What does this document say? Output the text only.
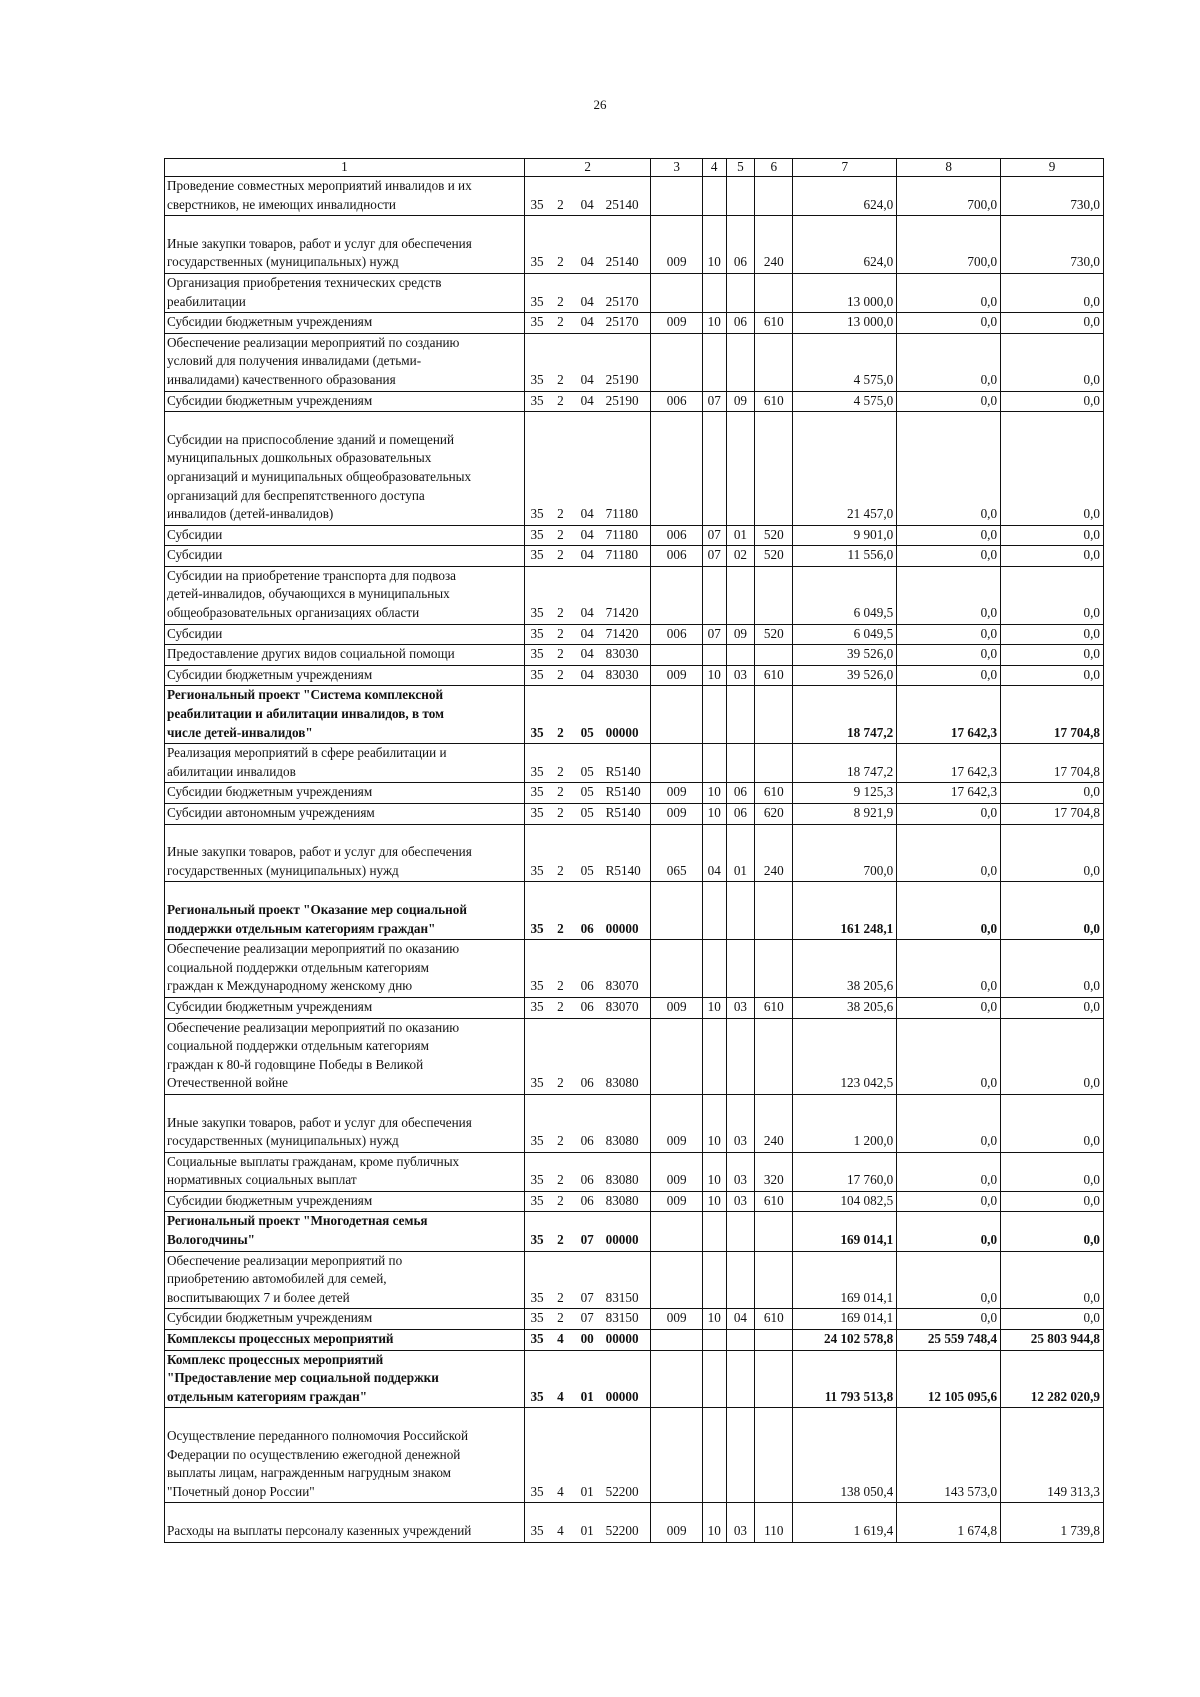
26
1	2				3	4	5	6	7	8	9

Проведение совместных мероприятий инвалидов и их
сверстников, не имеющих инвалидности	35	2	04	25140					624,0	700,0	730,0

Иные закупки товаров, работ и услуг для обеспечения
государственных (муниципальных) нужд	35	2	04	25140	009	10	06	240	624,0	700,0	730,0

Организация приобретения технических средств
реабилитации	35	2	04	25170					13 000,0	0,0	0,0

Субсидии бюджетным учреждениям	35	2	04	25170	009	10	06	610	13 000,0	0,0	0,0

Обеспечение реализации мероприятий по созданию
условий для получения инвалидами (детьми-
инвалидами) качественного образования	35	2	04	25190					4 575,0	0,0	0,0

Субсидии бюджетным учреждениям	35	2	04	25190	006	07	09	610	4 575,0	0,0	0,0

Субсидии на приспособление зданий и помещений
муниципальных дошкольных образовательных
организаций и муниципальных общеобразовательных
организаций для беспрепятственного доступа
инвалидов (детей-инвалидов)	35	2	04	71180					21 457,0	0,0	0,0

Субсидии	35	2	04	71180	006	07	01	520	9 901,0	0,0	0,0

Субсидии	35	2	04	71180	006	07	02	520	11 556,0	0,0	0,0

Субсидии на приобретение транспорта для подвоза
детей-инвалидов, обучающихся в муниципальных
общеобразовательных организациях области	35	2	04	71420					6 049,5	0,0	0,0

Субсидии	35	2	04	71420	006	07	09	520	6 049,5	0,0	0,0

Предоставление других видов социальной помощи	35	2	04	83030					39 526,0	0,0	0,0

Субсидии бюджетным учреждениям	35	2	04	83030	009	10	03	610	39 526,0	0,0	0,0

Региональный проект "Система комплексной
реабилитации и абилитации инвалидов, в том
числе детей-инвалидов"	35	2	05	00000					18 747,2	17 642,3	17 704,8

Реализация мероприятий в сфере реабилитации и
абилитации инвалидов	35	2	05	R5140					18 747,2	17 642,3	17 704,8

Субсидии бюджетным учреждениям	35	2	05	R5140	009	10	06	610	9 125,3	17 642,3	0,0

Субсидии автономным учреждениям	35	2	05	R5140	009	10	06	620	8 921,9	0,0	17 704,8

Иные закупки товаров, работ и услуг для обеспечения
государственных (муниципальных) нужд	35	2	05	R5140	065	04	01	240	700,0	0,0	0,0

Региональный проект "Оказание мер социальной
поддержки отдельным категориям граждан"	35	2	06	00000					161 248,1	0,0	0,0

Обеспечение реализации мероприятий по оказанию
социальной поддержки отдельным категориям
граждан к Международному женскому дню	35	2	06	83070					38 205,6	0,0	0,0

Субсидии бюджетным учреждениям	35	2	06	83070	009	10	03	610	38 205,6	0,0	0,0

Обеспечение реализации мероприятий по оказанию
социальной поддержки отдельным категориям
граждан к 80-й годовщине Победы в Великой
Отечественной войне	35	2	06	83080					123 042,5	0,0	0,0

Иные закупки товаров, работ и услуг для обеспечения
государственных (муниципальных) нужд	35	2	06	83080	009	10	03	240	1 200,0	0,0	0,0

Социальные выплаты гражданам, кроме публичных
нормативных социальных выплат	35	2	06	83080	009	10	03	320	17 760,0	0,0	0,0

Субсидии бюджетным учреждениям	35	2	06	83080	009	10	03	610	104 082,5	0,0	0,0

Региональный проект "Многодетная семья
Вологодчины"	35	2	07	00000					169 014,1	0,0	0,0

Обеспечение реализации мероприятий по
приобретению автомобилей для семей,
воспитывающих 7 и более детей	35	2	07	83150					169 014,1	0,0	0,0

Субсидии бюджетным учреждениям	35	2	07	83150	009	10	04	610	169 014,1	0,0	0,0

Комплексы процессных мероприятий	35	4	00	00000					24 102 578,8	25 559 748,4	25 803 944,8

Комплекс процессных мероприятий
"Предоставление мер социальной поддержки
отдельным категориям граждан"	35	4	01	00000					11 793 513,8	12 105 095,6	12 282 020,9

Осуществление переданного полномочия Российской
Федерации по осуществлению ежегодной денежной
выплаты лицам, награжденным нагрудным знаком
"Почетный донор России"	35	4	01	52200					138 050,4	143 573,0	149 313,3

Расходы на выплаты персоналу казенных учреждений	35	4	01	52200	009	10	03	110	1 619,4	1 674,8	1 739,8
